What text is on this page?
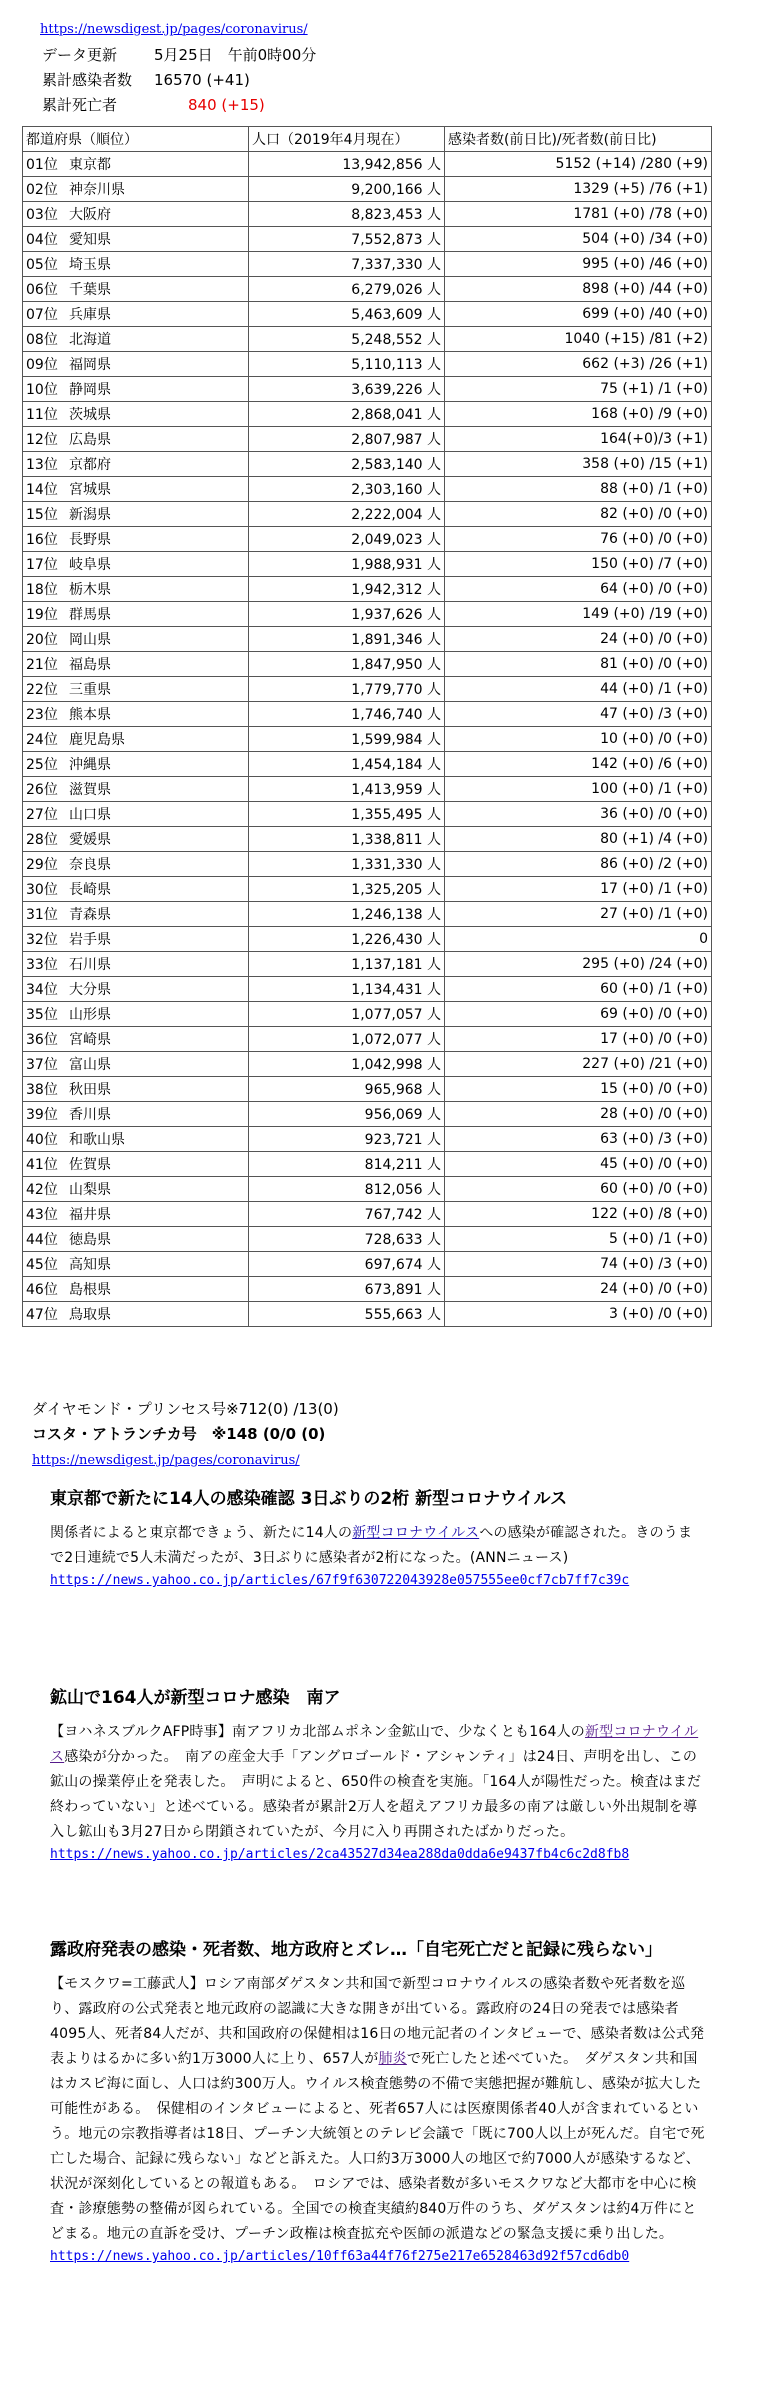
https://newsdigest.jp/pages/coronavirus/
データ更新 5月25日　午前0時00分
累計感染者数 16570 (+41)
累計死亡者	840 (+15)
都道府県（順位）	人口（2019年4月現在）	感染者数(前日比)/死者数(前日比)
01位 東京都	13,942,856 人	5152 (+14) /280 (+9)
02位 神奈川県	9,200,166 人	1329 (+5) /76 (+1)
03位 大阪府	8,823,453 人	1781 (+0) /78 (+0)
04位 愛知県	7,552,873 人	504 (+0) /34 (+0)
05位 埼玉県	7,337,330 人	995 (+0) /46 (+0)
06位 千葉県	6,279,026 人	898 (+0) /44 (+0)
07位 兵庫県	5,463,609 人	699 (+0) /40 (+0)
08位 北海道	5,248,552 人	1040 (+15) /81 (+2)
09位 福岡県	5,110,113 人	662 (+3) /26 (+1)
10位 静岡県	3,639,226 人	75 (+1) /1 (+0)
11位 茨城県	2,868,041 人	168 (+0) /9 (+0)
12位 広島県	2,807,987 人	164(+0)/3 (+1)
13位 京都府	2,583,140 人	358 (+0) /15 (+1)
14位 宮城県	2,303,160 人	88 (+0) /1 (+0)
15位 新潟県	2,222,004 人	82 (+0) /0 (+0)
16位 長野県	2,049,023 人	76 (+0) /0 (+0)
17位 岐阜県	1,988,931 人	150 (+0) /7 (+0)
18位 栃木県	1,942,312 人	64 (+0) /0 (+0)
19位 群馬県	1,937,626 人	149 (+0) /19 (+0)
20位 岡山県	1,891,346 人	24 (+0) /0 (+0)
21位 福島県	1,847,950 人	81 (+0) /0 (+0)
22位 三重県	1,779,770 人	44 (+0) /1 (+0)
23位 熊本県	1,746,740 人	47 (+0) /3 (+0)
24位 鹿児島県	1,599,984 人	10 (+0) /0 (+0)
25位 沖縄県	1,454,184 人	142 (+0) /6 (+0)
26位 滋賀県	1,413,959 人	100 (+0) /1 (+0)
27位 山口県	1,355,495 人	36 (+0) /0 (+0)
28位 愛媛県	1,338,811 人	80 (+1) /4 (+0)
29位 奈良県	1,331,330 人	86 (+0) /2 (+0)
30位 長崎県	1,325,205 人	17 (+0) /1 (+0)
31位 青森県	1,246,138 人	27 (+0) /1 (+0)
32位 岩手県	1,226,430 人	0
33位 石川県	1,137,181 人	295 (+0) /24 (+0)
34位 大分県	1,134,431 人	60 (+0) /1 (+0)
35位 山形県	1,077,057 人	69 (+0) /0 (+0)
36位 宮崎県	1,072,077 人	17 (+0) /0 (+0)
37位 富山県	1,042,998 人	227 (+0) /21 (+0)
38位 秋田県	965,968 人	15 (+0) /0 (+0)
39位 香川県	956,069 人	28 (+0) /0 (+0)
40位 和歌山県	923,721 人	63 (+0) /3 (+0)
41位 佐賀県	814,211 人	45 (+0) /0 (+0)
42位 山梨県	812,056 人	60 (+0) /0 (+0)
43位 福井県	767,742 人	122 (+0) /8 (+0)
44位 徳島県	728,633 人	5 (+0) /1 (+0)
45位 高知県	697,674 人	74 (+0) /3 (+0)
46位 島根県	673,891 人	24 (+0) /0 (+0)
47位 鳥取県	555,663 人	3 (+0) /0 (+0)
ダイヤモンド・プリンセス号※712(0) /13(0)
コスタ・アトランチカ号　※148 (0/0 (0)
https://newsdigest.jp/pages/coronavirus/
東京都で新たに14人の感染確認 3日ぶりの2桁 新型コロナウイルス

関係者によると東京都できょう、新たに14人の新型コロナウイルスへの感染が確認された。きのうまで2日連続で5人未満だったが、3日ぶりに感染者が2桁になった。(ANNニュース)

https://news.yahoo.co.jp/articles/67f9f630722043928e057555ee0cf7cb7ff7c39c
鉱山で164人が新型コロナ感染　南ア

【ヨハネスブルクAFP時事】南アフリカ北部ムポネン金鉱山で、少なくとも164人の新型コロナウイルス感染が分かった。　南アの産金大手「アングロゴールド・アシャンティ」は24日、声明を出し、この鉱山の操業停止を発表した。　声明によると、650件の検査を実施。「164人が陽性だった。検査はまだ終わっていない」と述べている。感染者が累計2万人を超えアフリカ最多の南アは厳しい外出規制を導入し鉱山も3月27日から閉鎖されていたが、今月に入り再開されたばかりだった。

https://news.yahoo.co.jp/articles/2ca43527d34ea288da0dda6e9437fb4c6c2d8fb8
露政府発表の感染・死者数、地方政府とズレ…「自宅死亡だと記録に残らない」

【モスクワ=工藤武人】ロシア南部ダゲスタン共和国で新型コロナウイルスの感染者数や死者数を巡り、露政府の公式発表と地元政府の認識に大きな開きが出ている。露政府の24日の発表では感染者4095人、死者84人だが、共和国政府の保健相は16日の地元記者のインタビューで、感染者数は公式発表よりはるかに多い約1万3000人に上り、657人が肺炎で死亡したと述べていた。　ダゲスタン共和国はカスピ海に面し、人口は約300万人。ウイルス検査態勢の不備で実態把握が難航し、感染が拡大した可能性がある。　保健相のインタビューによると、死者657人には医療関係者40人が含まれているという。地元の宗教指導者は18日、プーチン大統領とのテレビ会議で「既に700人以上が死んだ。自宅で死亡した場合、記録に残らない」などと訴えた。人口約3万3000人の地区で約7000人が感染するなど、状況が深刻化しているとの報道もある。　ロシアでは、感染者数が多いモスクワなど大都市を中心に検査・診療態勢の整備が図られている。全国での検査実績約840万件のうち、ダゲスタンは約4万件にとどまる。地元の直訴を受け、プーチン政権は検査拡充や医師の派遣などの緊急支援に乗り出した。

https://news.yahoo.co.jp/articles/10ff63a44f76f275e217e6528463d92f57cd6db0
